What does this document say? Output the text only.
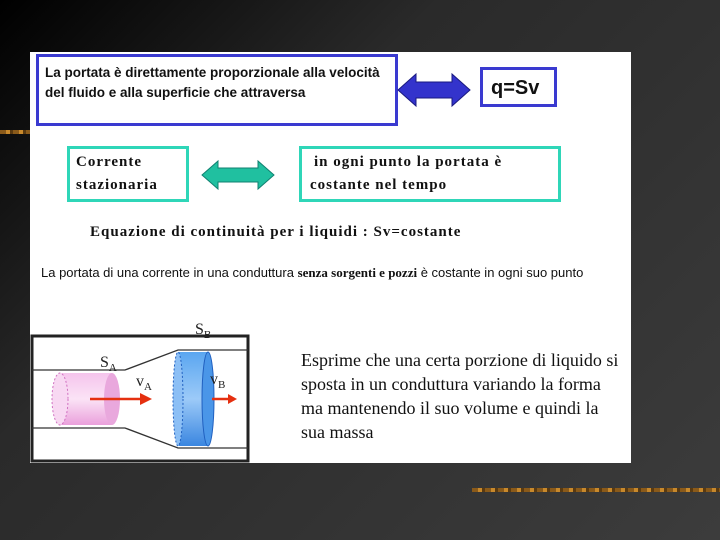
La portata è direttamente proporzionale alla velocità del fluido e alla superficie che attraversa	q=Sv
Corrente
stazionaria
in ogni punto la portata è
costante nel tempo
Equazione di continuità per i liquidi : Sv=costante
La portata di una corrente in una conduttura senza sorgenti e pozzi è costante in ogni suo punto
$S_A$
$S_B$
$v_A$	$v_B$
Esprime che una certa porzione di liquido si sposta in un conduttura variando la forma ma mantenendo il suo volume e quindi la sua massa
